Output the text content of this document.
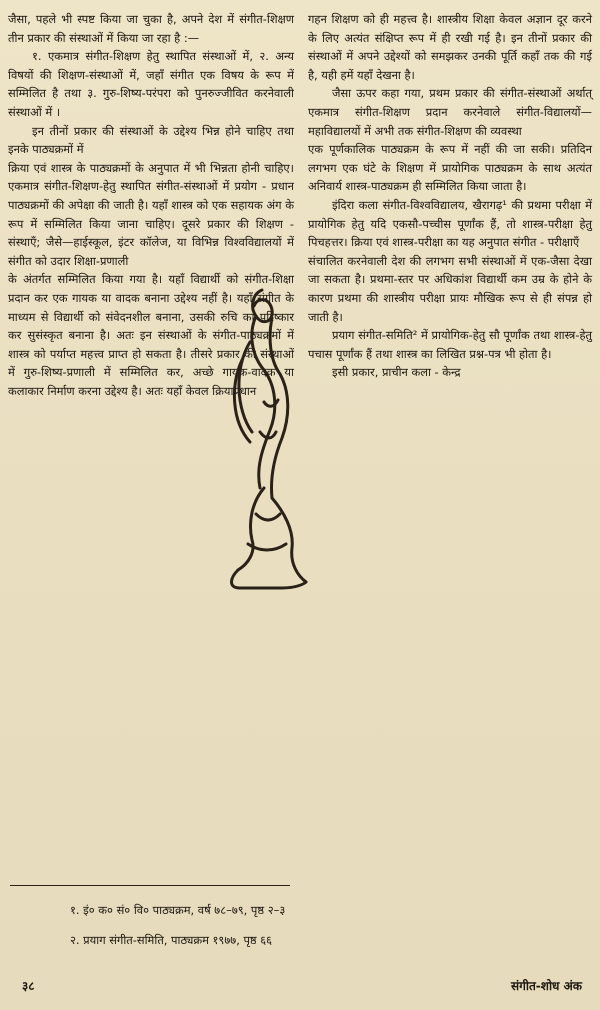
जैसा, पहले भी स्पष्ट किया जा चुका है, अपने देश में संगीत-शिक्षण तीन प्रकार की संस्थाओं में किया जा रहा है :—

१. एकमात्र संगीत-शिक्षण हेतु स्थापित संस्थाओं में, २. अन्य विषयों की शिक्षण-संस्थाओं में, जहाँ संगीत एक विषय के रूप में सम्मिलित है तथा ३. गुरु-शिष्य-परंपरा को पुनरुज्जीवित करनेवाली संस्थाओं में ।

इन तीनों प्रकार की संस्थाओं के उद्देश्य भिन्न होने चाहिए तथा इनके पाठ्यक्रमों में

क्रिया एवं शास्त्र के पाठ्यक्रमों के अनुपात में भी भिन्नता होनी चाहिए। एकमात्र संगीत-शिक्षण-हेतु स्थापित संगीत-संस्थाओं में प्रयोग - प्रधान पाठ्यक्रमों की अपेक्षा की जाती है। यहाँ शास्त्र को एक सहायक अंग के रूप में सम्मिलित किया जाना चाहिए। दूसरे प्रकार की शिक्षण - संस्थाएँ; जैसे—हाईस्कूल, इंटर कॉलेज, या विभिन्न विश्वविद्यालयों में संगीत को उदार शिक्षा-प्रणाली

के अंतर्गत सम्मिलित किया गया है। यहाँ विद्यार्थी को संगीत-शिक्षा प्रदान कर एक गायक या वादक बनाना उद्देश्य नहीं है। यहाँ संगीत के माध्यम से विद्यार्थी को संवेदनशील बनाना, उसकी रुचि का परिष्कार कर सुसंस्कृत बनाना है। अतः इन संस्थाओं के संगीत-पाठ्यक्रमों में शास्त्र को पर्याप्त महत्त्व प्राप्त हो सकता है। तीसरे प्रकार की संस्थाओं में गुरु-शिष्य-प्रणाली में सम्मिलित कर, अच्छे गायक-वादक या कलाकार निर्माण करना उद्देश्य है। अतः यहाँ केवल क्रियाप्रधान

गहन शिक्षण को ही महत्त्व है। शास्त्रीय शिक्षा केवल अज्ञान दूर करने के लिए अत्यंत संक्षिप्त रूप में ही रखी गई है। इन तीनों प्रकार की संस्थाओं में अपने उद्देश्यों को समझकर उनकी पूर्ति कहाँ तक की गई है, यही हमें यहाँ देखना है।

जैसा ऊपर कहा गया, प्रथम प्रकार की संगीत-संस्थाओं अर्थात् एकमात्र संगीत-शिक्षण प्रदान करनेवाले संगीत-विद्यालयों—महाविद्यालयों में अभी तक संगीत-शिक्षण की व्यवस्था

एक पूर्णकालिक पाठ्यक्रम के रूप में नहीं की जा सकी। प्रतिदिन लगभग एक घंटे के शिक्षण में प्रायोगिक पाठ्यक्रम के साथ अत्यंत अनिवार्य शास्त्र-पाठ्यक्रम ही सम्मिलित किया जाता है।

इंदिरा कला संगीत-विश्वविद्यालय, खैरागढ़¹ की प्रथमा परीक्षा में प्रायोगिक हेतु यदि एकसौ-पच्चीस पूर्णांक हैं, तो शास्त्र-परीक्षा हेतु पिचहत्तर। क्रिया एवं शास्त्र-परीक्षा का यह अनुपात संगीत - परीक्षाएँ

संचालित करनेवाली देश की लगभग सभी संस्थाओं में एक-जैसा देखा जा सकता है। प्रथमा-स्तर पर अधिकांश विद्यार्थी कम उम्र के होने के कारण प्रथमा की शास्त्रीय परीक्षा प्रायः मौखिक रूप से ही संपन्न हो जाती है।

प्रयाग संगीत-समिति² में प्रायोगिक-हेतु सौ पूर्णांक तथा शास्त्र-हेतु पचास पूर्णांक हैं तथा शास्त्र का लिखित प्रश्न-पत्र भी होता है।

इसी प्रकार, प्राचीन कला - केन्द्र

१. इं० क० सं० वि० पाठ्यक्रम, वर्ष ७८–७९, पृष्ठ २–३
२. प्रयाग संगीत-समिति, पाठ्यक्रम १९७७, पृष्ठ ६६
३८	संगीत-शोध अंक
